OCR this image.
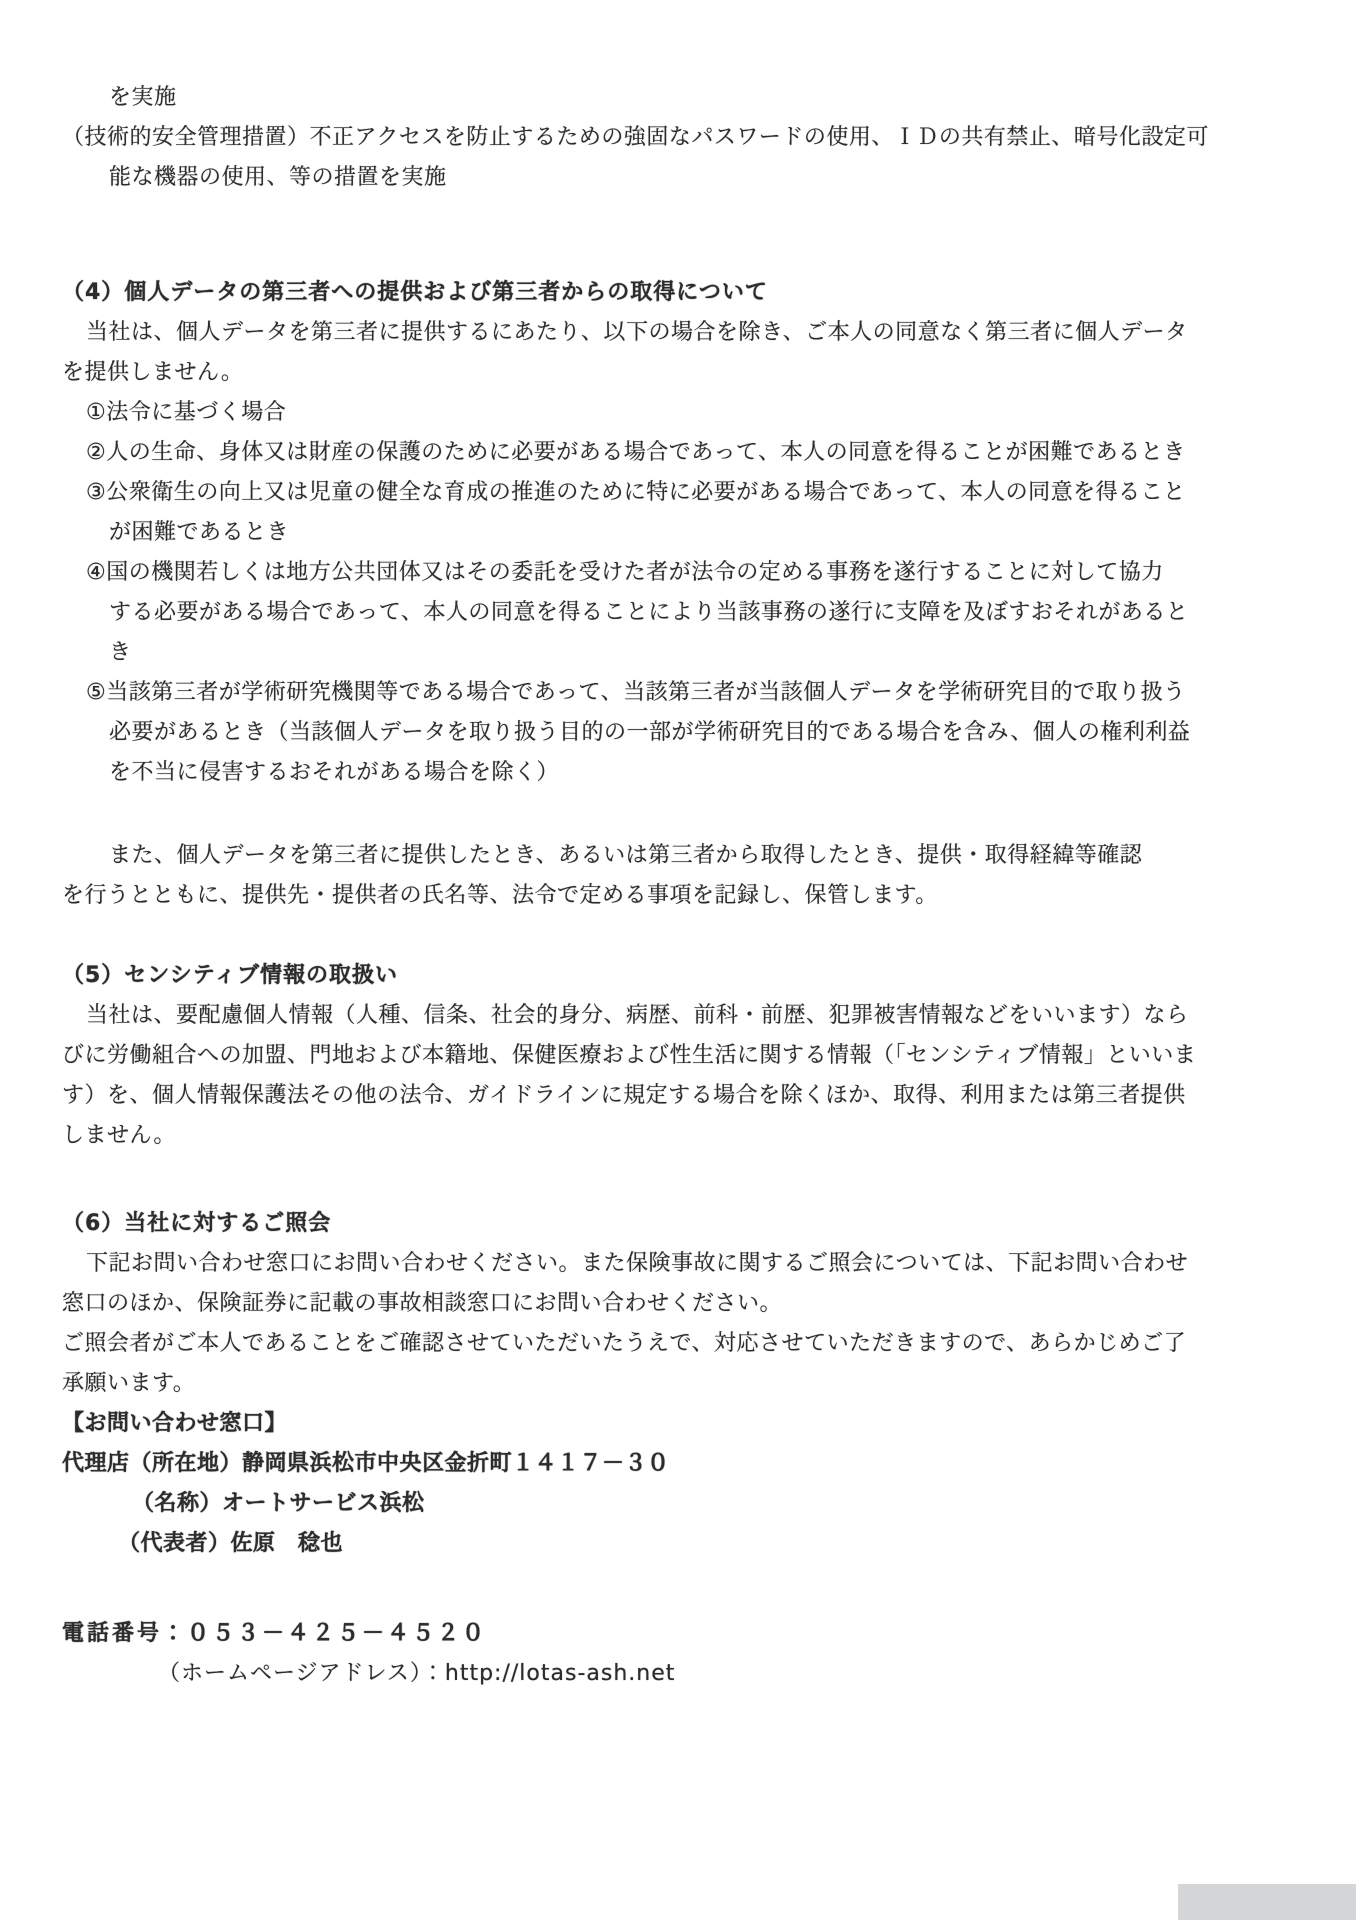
を実施
（技術的安全管理措置）不正アクセスを防止するための強固なパスワードの使用、ＩＤの共有禁止、暗号化設定可
能な機器の使用、等の措置を実施
（4）個人データの第三者への提供および第三者からの取得について
当社は、個人データを第三者に提供するにあたり、以下の場合を除き、ご本人の同意なく第三者に個人データ
を提供しません。
①法令に基づく場合
②人の生命、身体又は財産の保護のために必要がある場合であって、本人の同意を得ることが困難であるとき
③公衆衛生の向上又は児童の健全な育成の推進のために特に必要がある場合であって、本人の同意を得ること
が困難であるとき
④国の機関若しくは地方公共団体又はその委託を受けた者が法令の定める事務を遂行することに対して協力
する必要がある場合であって、本人の同意を得ることにより当該事務の遂行に支障を及ぼすおそれがあると
き
⑤当該第三者が学術研究機関等である場合であって、当該第三者が当該個人データを学術研究目的で取り扱う
必要があるとき（当該個人データを取り扱う目的の一部が学術研究目的である場合を含み、個人の権利利益
を不当に侵害するおそれがある場合を除く）
また、個人データを第三者に提供したとき、あるいは第三者から取得したとき、提供・取得経緯等確認
を行うとともに、提供先・提供者の氏名等、法令で定める事項を記録し、保管します。
（5）センシティブ情報の取扱い
当社は、要配慮個人情報（人種、信条、社会的身分、病歴、前科・前歴、犯罪被害情報などをいいます）なら
びに労働組合への加盟、門地および本籍地、保健医療および性生活に関する情報（「センシティブ情報」といいま
す）を、個人情報保護法その他の法令、ガイドラインに規定する場合を除くほか、取得、利用または第三者提供
しません。
（6）当社に対するご照会
下記お問い合わせ窓口にお問い合わせください。また保険事故に関するご照会については、下記お問い合わせ
窓口のほか、保険証券に記載の事故相談窓口にお問い合わせください。
ご照会者がご本人であることをご確認させていただいたうえで、対応させていただきますので、あらかじめご了
承願います。
【お問い合わせ窓口】
代理店（所在地）静岡県浜松市中央区金折町１４１７－３０
（名称）オートサービス浜松
（代表者）佐原　稔也
電話番号：０５３－４２５－４５２０
（ホームページアドレス）：http://lotas-ash.net
